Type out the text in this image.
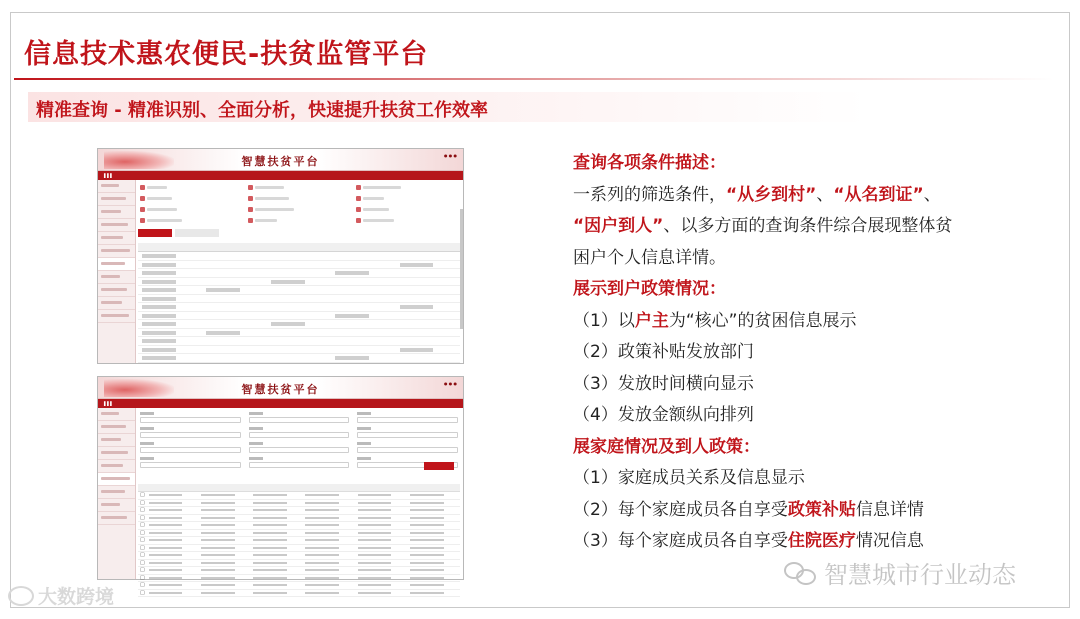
信息技术惠农便民-扶贫监管平台
精准查询 - 精准识别、全面分析，快速提升扶贫工作效率
智慧扶贫平台	● ● ●
▌▌▌
智慧扶贫平台	● ● ●
▌▌▌
□
□
□
□
□
□
□
□
□
□
□
□
□
□
查询各项条件描述：
一系列的筛选条件，“从乡到村”、“从名到证”、
“因户到人”、以多方面的查询条件综合展现整体贫
困户个人信息详情。
展示到户政策情况：
（1）以户主为“核心”的贫困信息展示
（2）政策补贴发放部门
（3）发放时间横向显示
（4）发放金额纵向排列
展家庭情况及到人政策：
（1）家庭成员关系及信息显示
（2）每个家庭成员各自享受政策补贴信息详情
（3）每个家庭成员各自享受住院医疗情况信息
大数跨境
智慧城市行业动态
